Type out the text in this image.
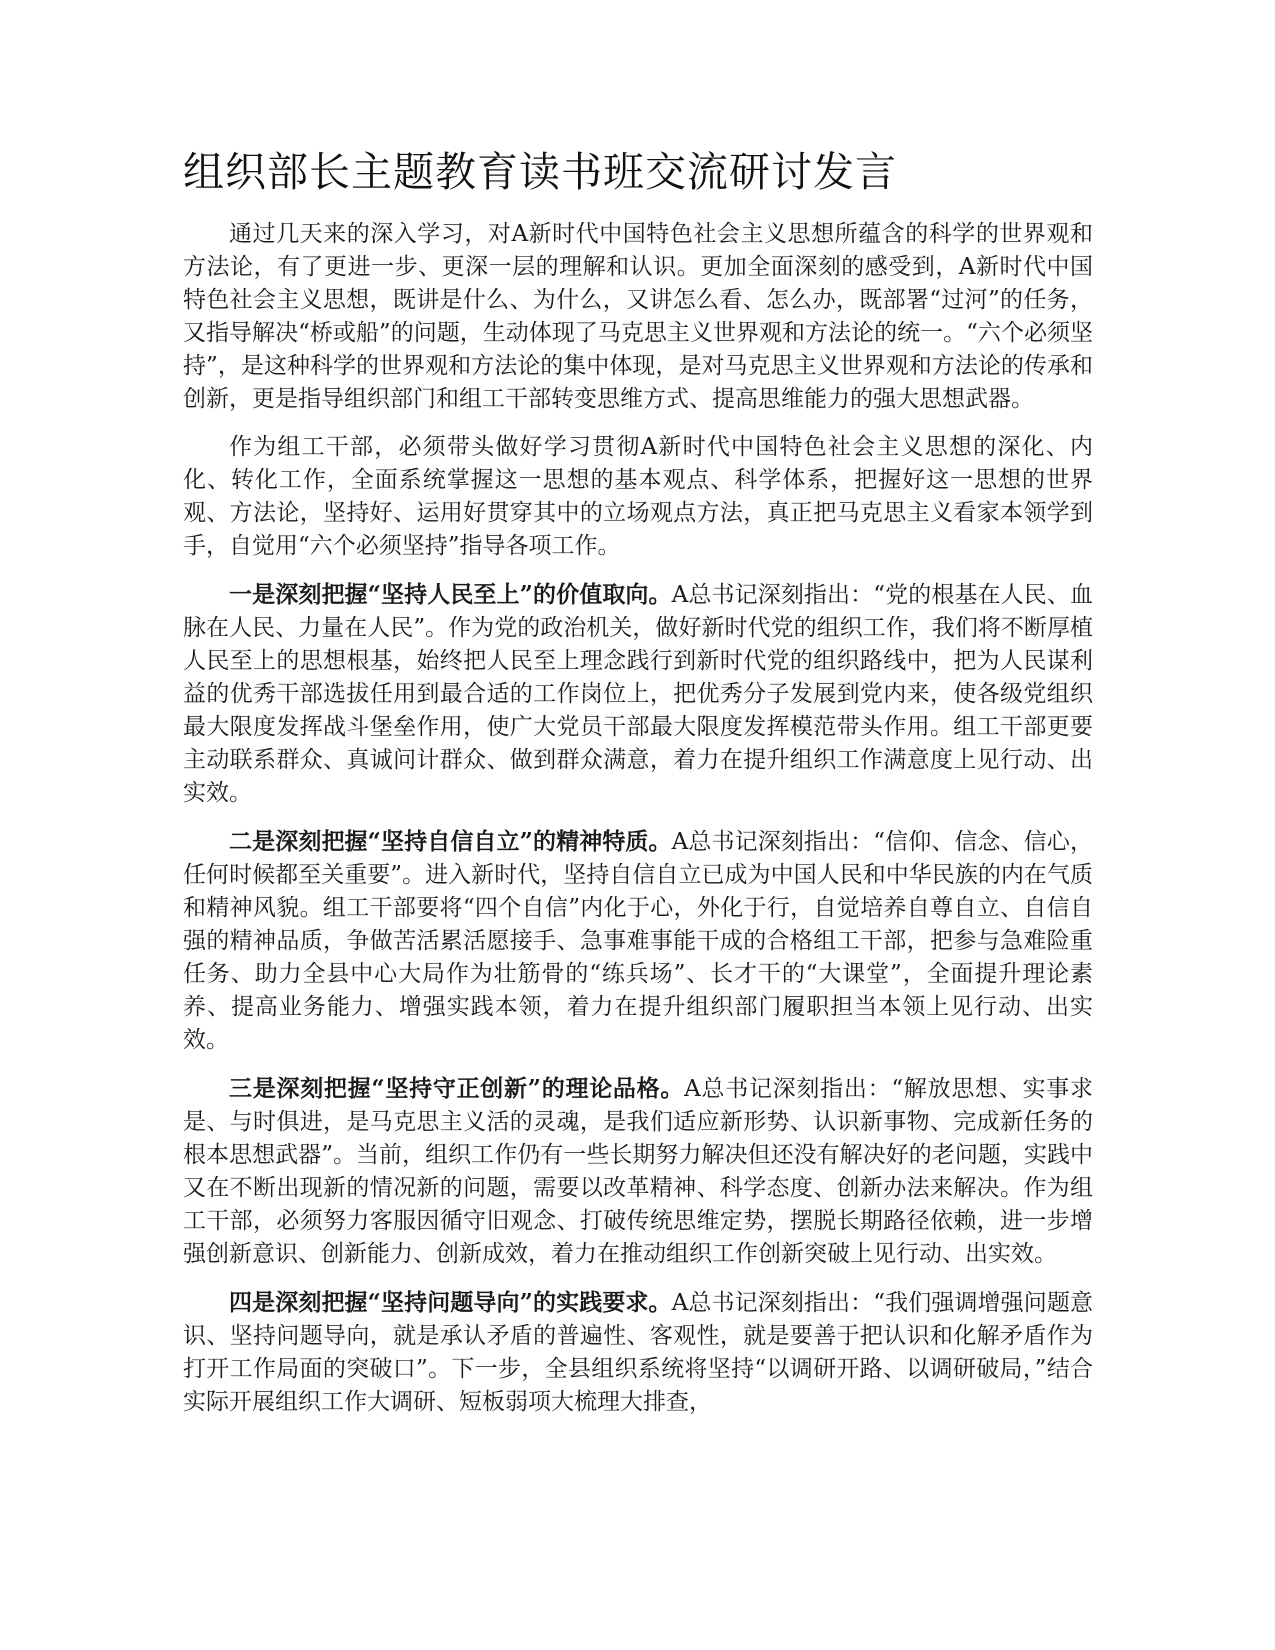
组织部长主题教育读书班交流研讨发言

通过几天来的深入学习，对A新时代中国特色社会主义思想所蕴含的科学的世界观和方法论，有了更进一步、更深一层的理解和认识。更加全面深刻的感受到，A新时代中国特色社会主义思想，既讲是什么、为什么，又讲怎么看、怎么办，既部署“过河”的任务，又指导解决“桥或船”的问题，生动体现了马克思主义世界观和方法论的统一。“六个必须坚持”，是这种科学的世界观和方法论的集中体现，是对马克思主义世界观和方法论的传承和创新，更是指导组织部门和组工干部转变思维方式、提高思维能力的强大思想武器。

作为组工干部，必须带头做好学习贯彻A新时代中国特色社会主义思想的深化、内化、转化工作，全面系统掌握这一思想的基本观点、科学体系，把握好这一思想的世界观、方法论，坚持好、运用好贯穿其中的立场观点方法，真正把马克思主义看家本领学到手，自觉用“六个必须坚持”指导各项工作。

一是深刻把握“坚持人民至上”的价值取向。A总书记深刻指出：“党的根基在人民、血脉在人民、力量在人民”。作为党的政治机关，做好新时代党的组织工作，我们将不断厚植人民至上的思想根基，始终把人民至上理念践行到新时代党的组织路线中，把为人民谋利益的优秀干部选拔任用到最合适的工作岗位上，把优秀分子发展到党内来，使各级党组织最大限度发挥战斗堡垒作用，使广大党员干部最大限度发挥模范带头作用。组工干部更要主动联系群众、真诚问计群众、做到群众满意，着力在提升组织工作满意度上见行动、出实效。

二是深刻把握“坚持自信自立”的精神特质。A总书记深刻指出：“信仰、信念、信心，任何时候都至关重要”。进入新时代，坚持自信自立已成为中国人民和中华民族的内在气质和精神风貌。组工干部要将“四个自信”内化于心，外化于行，自觉培养自尊自立、自信自强的精神品质，争做苦活累活愿接手、急事难事能干成的合格组工干部，把参与急难险重任务、助力全县中心大局作为壮筋骨的“练兵场”、长才干的“大课堂”，全面提升理论素养、提高业务能力、增强实践本领，着力在提升组织部门履职担当本领上见行动、出实效。

三是深刻把握“坚持守正创新”的理论品格。A总书记深刻指出：“解放思想、实事求是、与时俱进，是马克思主义活的灵魂，是我们适应新形势、认识新事物、完成新任务的根本思想武器”。当前，组织工作仍有一些长期努力解决但还没有解决好的老问题，实践中又在不断出现新的情况新的问题，需要以改革精神、科学态度、创新办法来解决。作为组工干部，必须努力客服因循守旧观念、打破传统思维定势，摆脱长期路径依赖，进一步增强创新意识、创新能力、创新成效，着力在推动组织工作创新突破上见行动、出实效。

四是深刻把握“坚持问题导向”的实践要求。A总书记深刻指出：“我们强调增强问题意识、坚持问题导向，就是承认矛盾的普遍性、客观性，就是要善于把认识和化解矛盾作为打开工作局面的突破口”。下一步，全县组织系统将坚持“以调研开路、以调研破局，”结合实际开展组织工作大调研、短板弱项大梳理大排查，
